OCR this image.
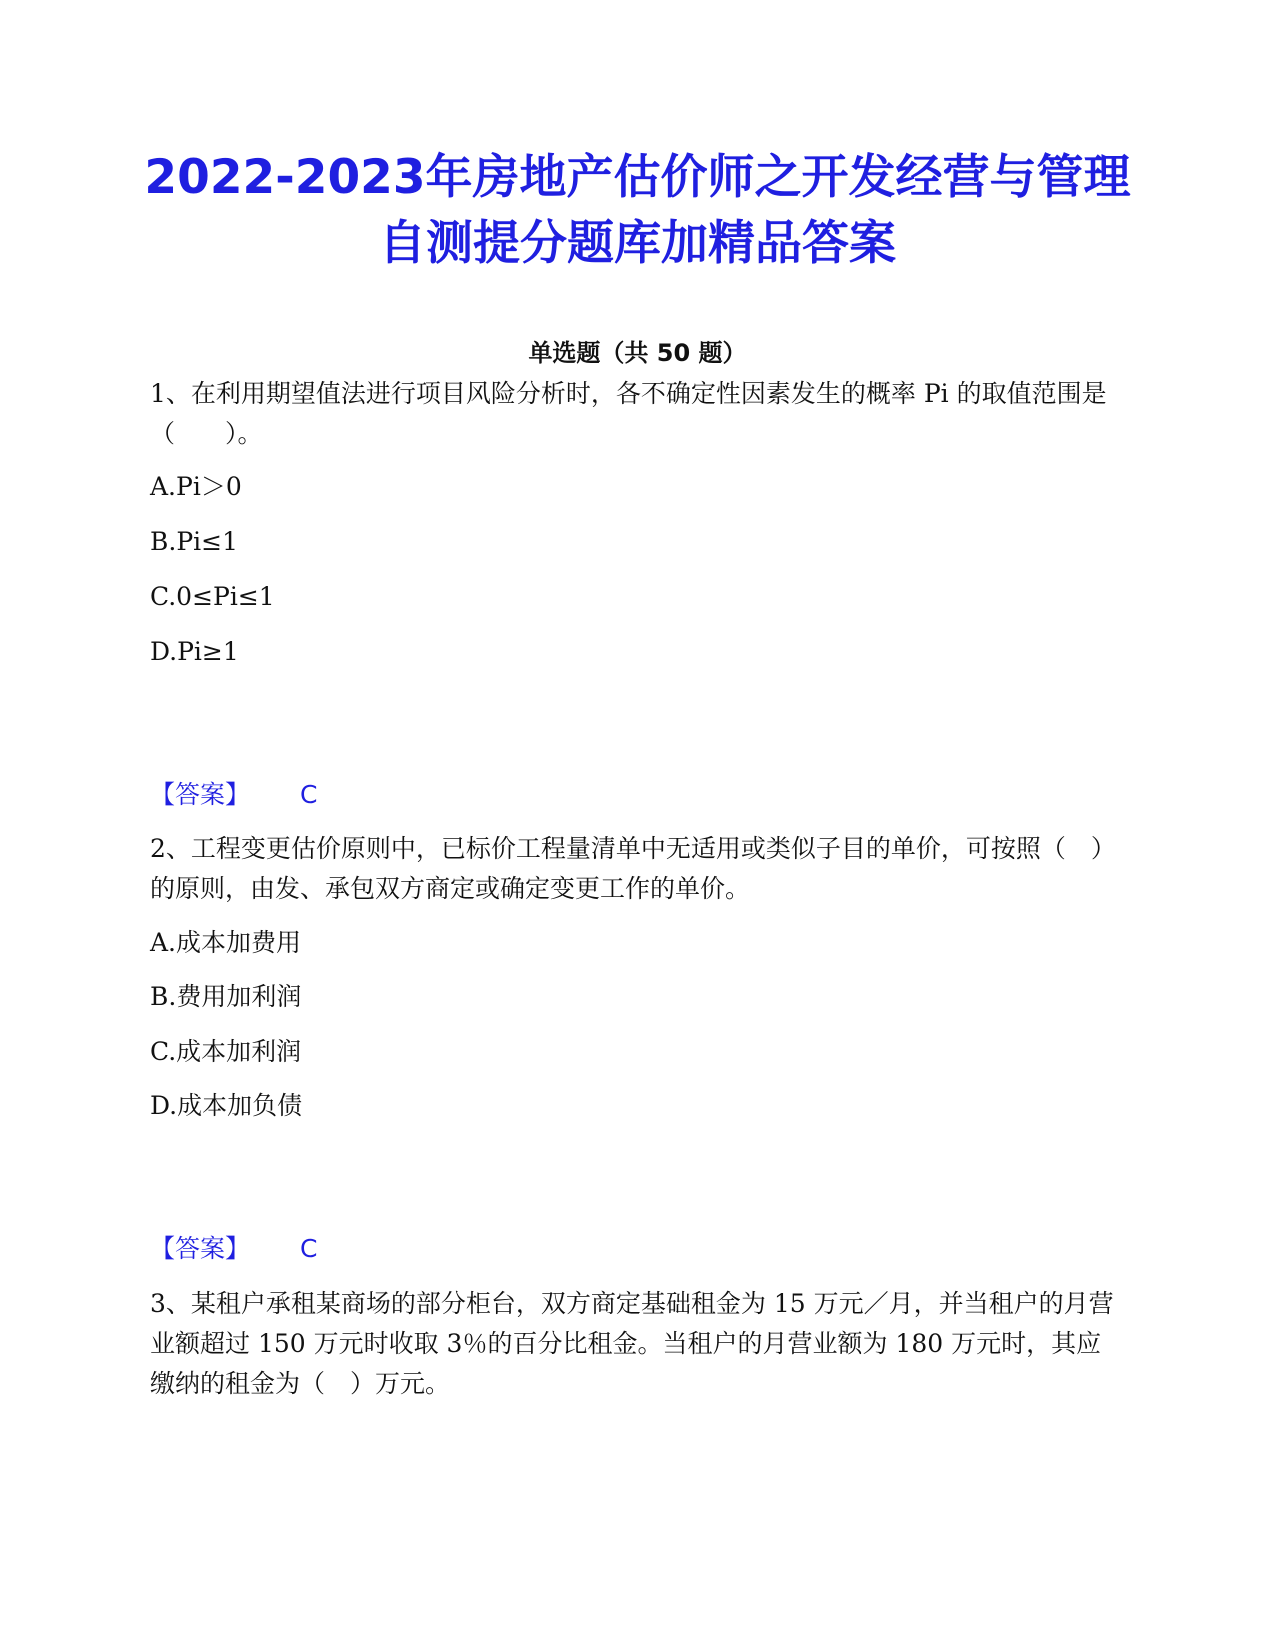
2022-2023年房地产估价师之开发经营与管理自测提分题库加精品答案
单选题（共 50 题）

1、在利用期望值法进行项目风险分析时，各不确定性因素发生的概率 Pi 的取值范围是（　　）。

A.Pi＞0
B.Pi≤1
C.0≤Pi≤1
D.Pi≥1
【答案】 C

2、工程变更估价原则中，已标价工程量清单中无适用或类似子目的单价，可按照（　）的原则，由发、承包双方商定或确定变更工作的单价。

A.成本加费用
B.费用加利润
C.成本加利润
D.成本加负债
【答案】 C

3、某租户承租某商场的部分柜台，双方商定基础租金为 15 万元／月，并当租户的月营业额超过 150 万元时收取 3％的百分比租金。当租户的月营业额为 180 万元时，其应缴纳的租金为（　）万元。
